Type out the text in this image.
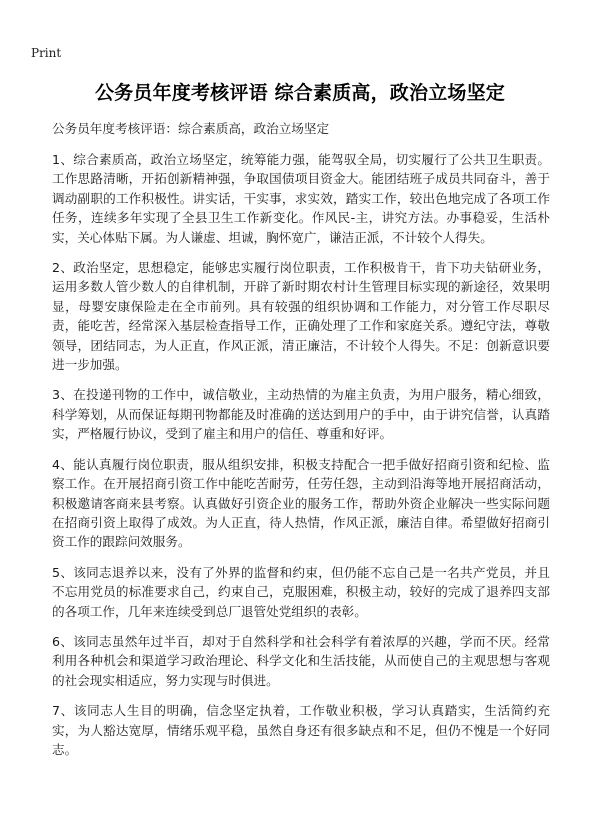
Print
公务员年度考核评语 综合素质高，政治立场坚定

公务员年度考核评语：综合素质高，政治立场坚定

1、综合素质高，政治立场坚定，统筹能力强，能驾驭全局，切实履行了公共卫生职责。工作思路清晰，开拓创新精神强，争取国债项目资金大。能团结班子成员共同奋斗，善于调动副职的工作积极性。讲实话，干实事，求实效，踏实工作，较出色地完成了各项工作任务，连续多年实现了全县卫生工作新变化。作风民-主，讲究方法。办事稳妥，生活朴实，关心体贴下属。为人谦虚、坦诚，胸怀宽广，谦洁正派，不计较个人得失。

2、政治坚定，思想稳定，能够忠实履行岗位职责，工作积极肯干，肯下功夫钻研业务，运用多数人管少数人的自律机制，开辟了新时期农村计生管理目标实现的新途径，效果明显，母婴安康保险走在全市前列。具有较强的组织协调和工作能力，对分管工作尽职尽责，能吃苦，经常深入基层检查指导工作，正确处理了工作和家庭关系。遵纪守法，尊敬领导，团结同志，为人正直，作风正派，清正廉洁，不计较个人得失。不足：创新意识要进一步加强。

3、在投递刊物的工作中，诚信敬业，主动热情的为雇主负责，为用户服务，精心细致，科学筹划，从而保证每期刊物都能及时准确的送达到用户的手中，由于讲究信誉，认真踏实，严格履行协议，受到了雇主和用户的信任、尊重和好评。

4、能认真履行岗位职责，服从组织安排，积极支持配合一把手做好招商引资和纪检、监察工作。在开展招商引资工作中能吃苦耐劳，任劳任怨，主动到沿海等地开展招商活动，积极邀请客商来县考察。认真做好引资企业的服务工作，帮助外资企业解决一些实际问题在招商引资上取得了成效。为人正直，待人热情，作风正派，廉洁自律。希望做好招商引资工作的跟踪问效服务。

5、该同志退养以来，没有了外界的监督和约束，但仍能不忘自己是一名共产党员，并且不忘用党员的标准要求自己，约束自己，克服困难，积极主动，较好的完成了退养四支部的各项工作，几年来连续受到总厂退管处党组织的表彰。

6、该同志虽然年过半百，却对于自然科学和社会科学有着浓厚的兴趣，学而不厌。经常利用各种机会和渠道学习政治理论、科学文化和生活技能，从而使自己的主观思想与客观的社会现实相适应，努力实现与时俱进。

7、该同志人生目的明确，信念坚定执着，工作敬业积极，学习认真踏实，生活简约充实，为人豁达宽厚，情绪乐观平稳，虽然自身还有很多缺点和不足，但仍不愧是一个好同志。
